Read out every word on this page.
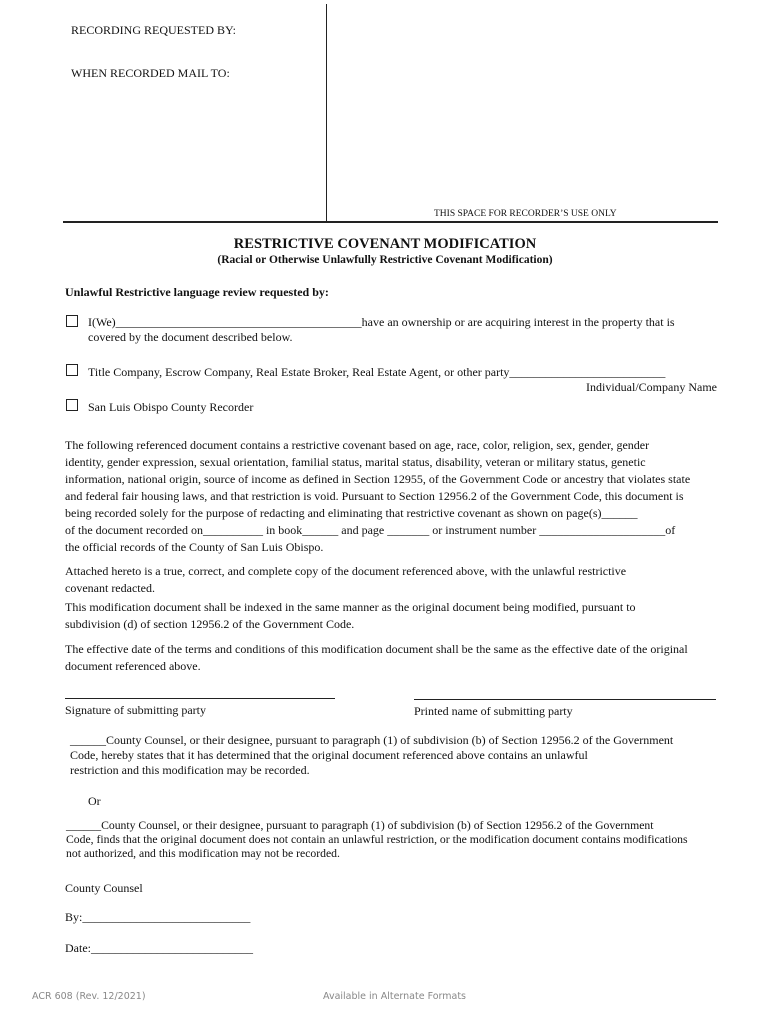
RECORDING REQUESTED BY:
WHEN RECORDED MAIL TO:
THIS SPACE FOR RECORDER’S USE ONLY
RESTRICTIVE COVENANT MODIFICATION
(Racial or Otherwise Unlawfully Restrictive Covenant Modification)
Unlawful Restrictive language review requested by:
I(We)_________________________________________have an ownership or are acquiring interest in the property that is
covered by the document described below.
Title Company, Escrow Company, Real Estate Broker, Real Estate Agent, or other party__________________________
Individual/Company Name
San Luis Obispo County Recorder
The following referenced document contains a restrictive covenant based on age, race, color, religion, sex, gender, gender
identity, gender expression, sexual orientation, familial status, marital status, disability, veteran or military status, genetic
information, national origin, source of income as defined in Section 12955, of the Government Code or ancestry that violates state
and federal fair housing laws, and that restriction is void. Pursuant to Section 12956.2 of the Government Code, this document is
being recorded solely for the purpose of redacting and eliminating that restrictive covenant as shown on page(s)______
of the document recorded on__________ in book______ and page _______ or instrument number _____________________of
the official records of the County of San Luis Obispo.
Attached hereto is a true, correct, and complete copy of the document referenced above, with the unlawful restrictive
covenant redacted.
This modification document shall be indexed in the same manner as the original document being modified, pursuant to
subdivision (d) of section 12956.2 of the Government Code.
The effective date of the terms and conditions of this modification document shall be the same as the effective date of the original
document referenced above.
Signature of submitting party	Printed name of submitting party
______County Counsel, or their designee, pursuant to paragraph (1) of subdivision (b) of Section 12956.2 of the Government
Code, hereby states that it has determined that the original document referenced above contains an unlawful
restriction and this modification may be recorded.
Or
______County Counsel, or their designee, pursuant to paragraph (1) of subdivision (b) of Section 12956.2 of the Government
Code, finds that the original document does not contain an unlawful restriction, or the modification document contains modifications
not authorized, and this modification may not be recorded.
County Counsel
By:____________________________
Date:___________________________
ACR 608 (Rev. 12/2021)	Available in Alternate Formats
